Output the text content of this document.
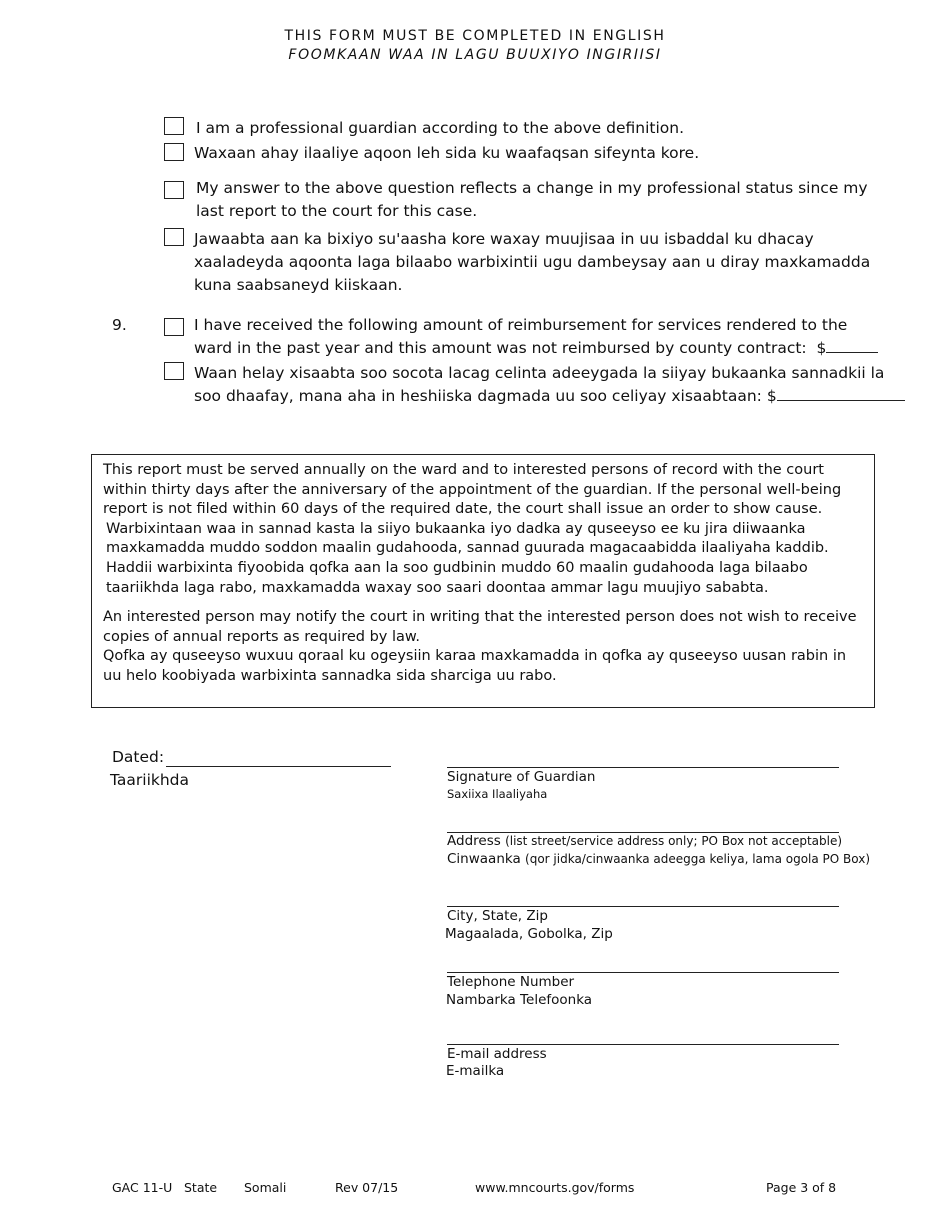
THIS FORM MUST BE COMPLETED IN ENGLISH
FOOMKAAN WAA IN LAGU BUUXIYO INGIRIISI
I am a professional guardian according to the above definition.
Waxaan ahay ilaaliye aqoon leh sida ku waafaqsan sifeynta kore.
My answer to the above question reflects a change in my professional status since my
last report to the court for this case.
Jawaabta aan ka bixiyo su'aasha kore waxay muujisaa in uu isbaddal ku dhacay
xaaladeyda aqoonta laga bilaabo warbixintii ugu dambeysay aan u diray maxkamadda
kuna saabsaneyd kiiskaan.
9.	I have received the following amount of reimbursement for services rendered to the
ward in the past year and this amount was not reimbursed by county contract: $
Waan helay xisaabta soo socota lacag celinta adeeygada la siiyay bukaanka sannadkii la
soo dhaafay, mana aha in heshiiska dagmada uu soo celiyay xisaabtaan: $

This report must be served annually on the ward and to interested persons of record with the court

within thirty days after the anniversary of the appointment of the guardian. If the personal well-being

report is not filed within 60 days of the required date, the court shall issue an order to show cause.

Warbixintaan waa in sannad kasta la siiyo bukaanka iyo dadka ay quseeyso ee ku jira diiwaanka

maxkamadda muddo soddon maalin gudahooda, sannad guurada magacaabidda ilaaliyaha kaddib.

Haddii warbixinta fiyoobida qofka aan la soo gudbinin muddo 60 maalin gudahooda laga bilaabo

taariikhda laga rabo, maxkamadda waxay soo saari doontaa ammar lagu muujiyo sababta.

An interested person may notify the court in writing that the interested person does not wish to receive

copies of annual reports as required by law.

Qofka ay quseeyso wuxuu qoraal ku ogeysiin karaa maxkamadda in qofka ay quseeyso uusan rabin in

uu helo koobiyada warbixinta sannadka sida sharciga uu rabo.

Dated:
Taariikhda	Signature of Guardian
Saxiixa Ilaaliyaha
Address (list street/service address only; PO Box not acceptable)
Cinwaanka (qor jidka/cinwaanka adeegga keliya, lama ogola PO Box)
City, State, Zip
Magaalada, Gobolka, Zip
Telephone Number
Nambarka Telefoonka
E-mail address
E-mailka
GAC 11-U State Somali	Rev 07/15	www.mncourts.gov/forms	Page 3 of 8
